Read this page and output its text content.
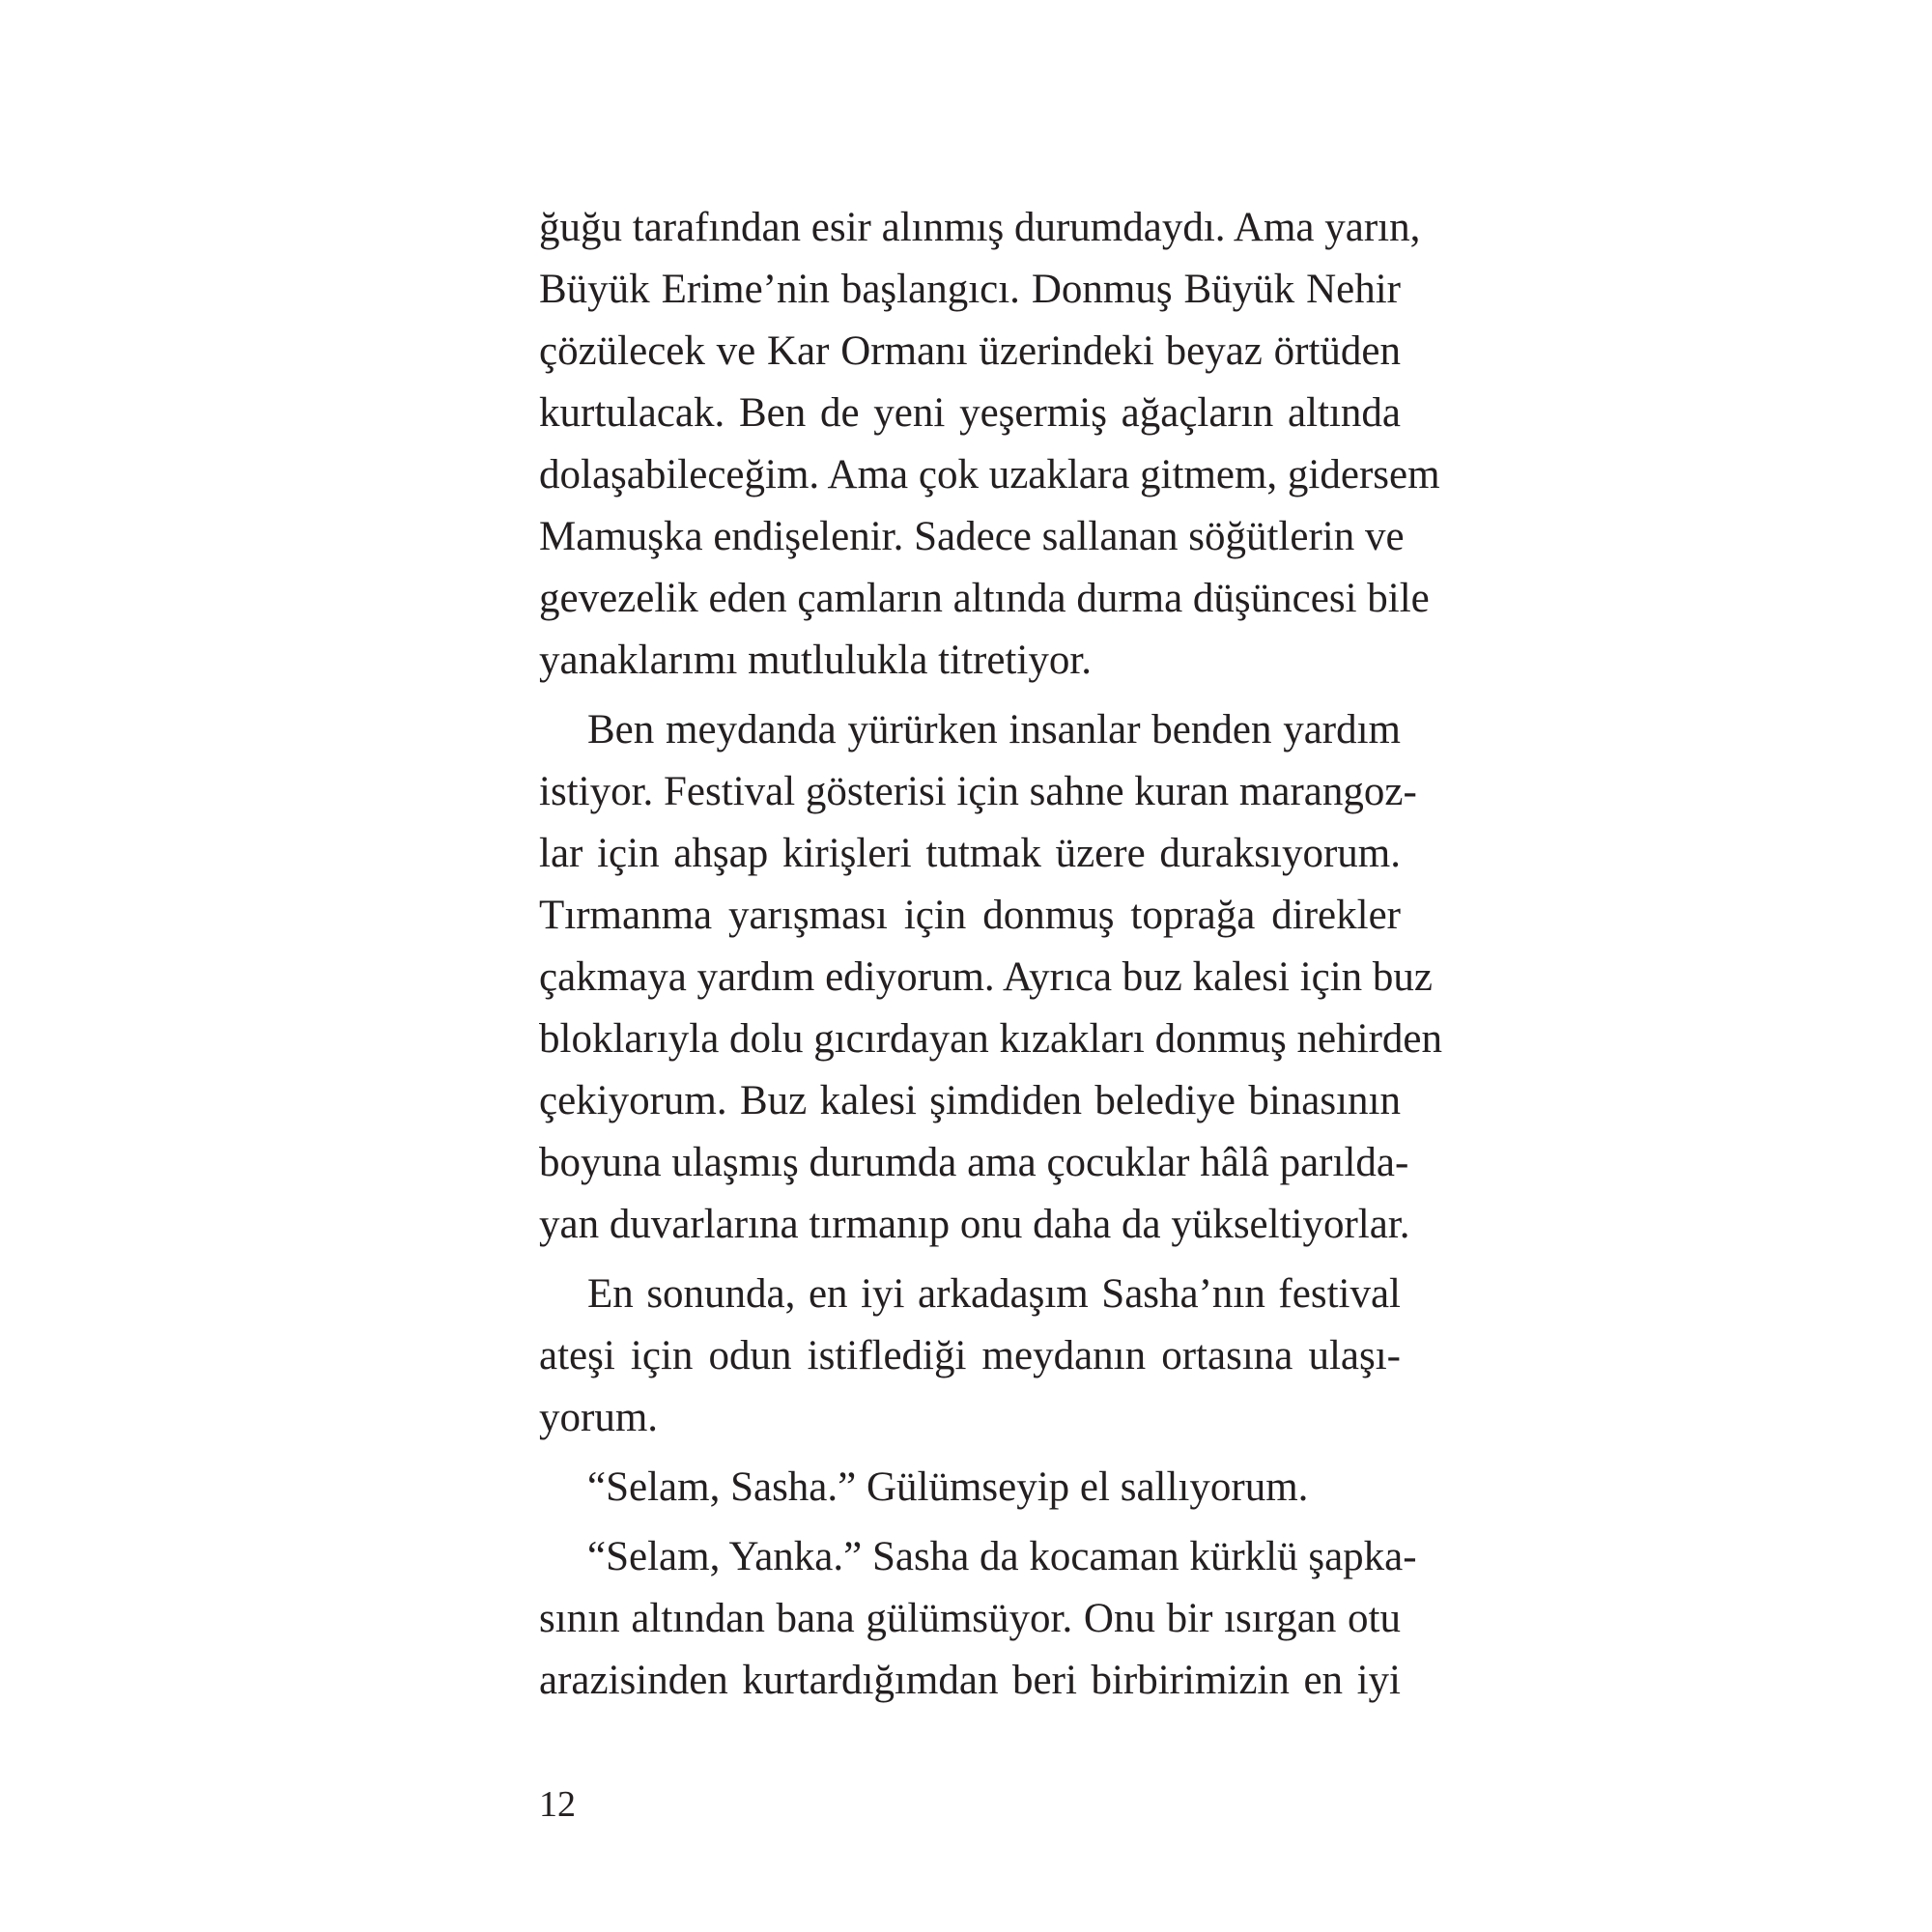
ğuğu tarafından esir alınmış durumdaydı. Ama yarın,
Büyük Erime’nin başlangıcı. Donmuş Büyük Nehir
çözülecek ve Kar Ormanı üzerindeki beyaz örtüden
kurtulacak. Ben de yeni yeşermiş ağaçların altında
dolaşabileceğim. Ama çok uzaklara gitmem, gidersem
Mamuşka endişelenir. Sadece sallanan söğütlerin ve
gevezelik eden çamların altında durma düşüncesi bile
yanaklarımı mutlulukla titretiyor.
Ben meydanda yürürken insanlar benden yardım
istiyor. Festival gösterisi için sahne kuran marangoz-
lar için ahşap kirişleri tutmak üzere duraksıyorum.
Tırmanma yarışması için donmuş toprağa direkler
çakmaya yardım ediyorum. Ayrıca buz kalesi için buz
bloklarıyla dolu gıcırdayan kızakları donmuş nehirden
çekiyorum. Buz kalesi şimdiden belediye binasının
boyuna ulaşmış durumda ama çocuklar hâlâ parılda-
yan duvarlarına tırmanıp onu daha da yükseltiyorlar.
En sonunda, en iyi arkadaşım Sasha’nın festival
ateşi için odun istiflediği meydanın ortasına ulaşı-
yorum.
“Selam, Sasha.” Gülümseyip el sallıyorum.
“Selam, Yanka.” Sasha da kocaman kürklü şapka-
sının altından bana gülümsüyor. Onu bir ısırgan otu
arazisinden kurtardığımdan beri birbirimizin en iyi
12
